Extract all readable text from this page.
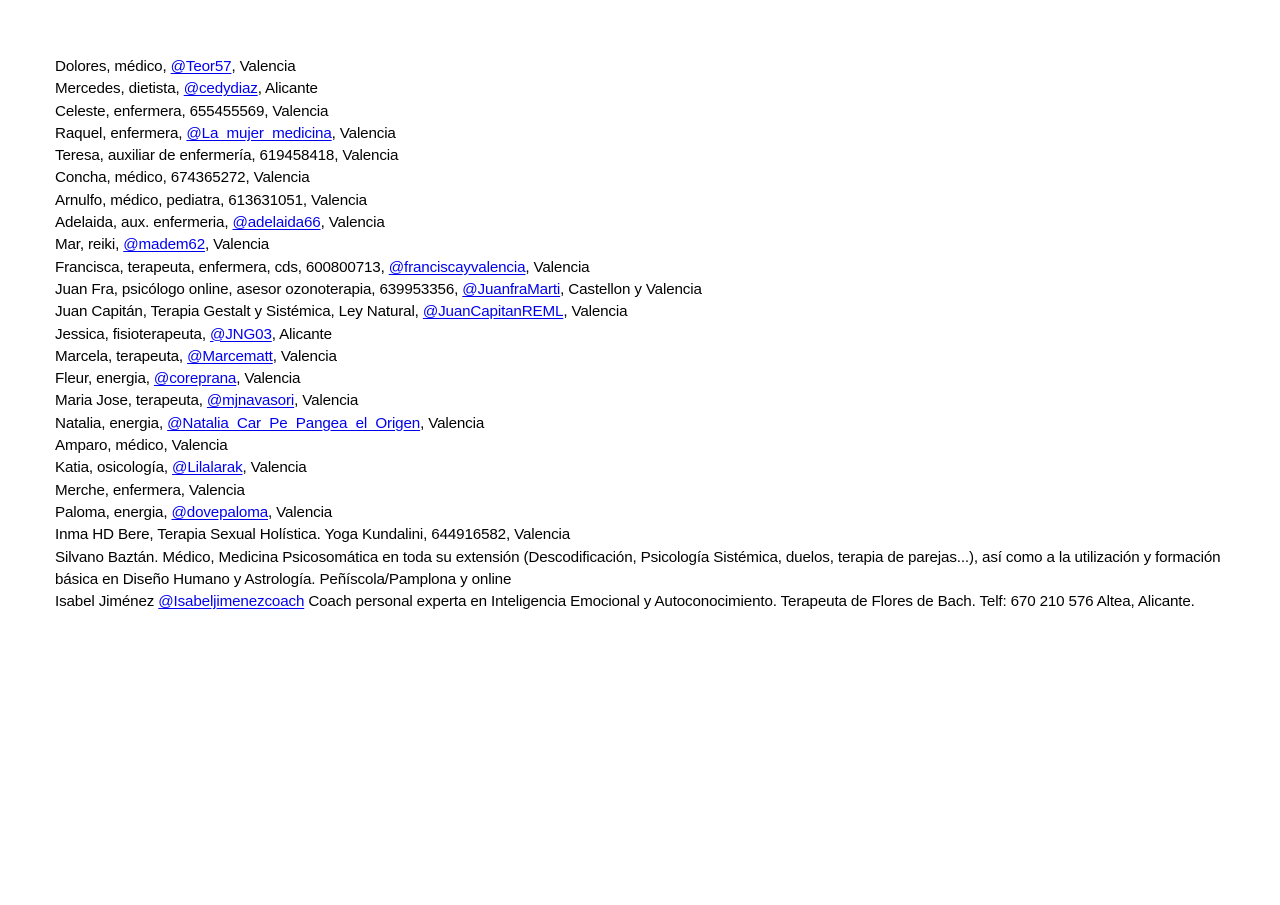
Dolores, médico, @Teor57, Valencia
Mercedes, dietista, @cedydiaz, Alicante
Celeste, enfermera, 655455569, Valencia
Raquel, enfermera, @La_mujer_medicina, Valencia
Teresa, auxiliar de enfermería, 619458418, Valencia
Concha, médico, 674365272, Valencia
Arnulfo, médico, pediatra, 613631051, Valencia
Adelaida, aux. enfermeria, @adelaida66, Valencia
Mar, reiki, @madem62, Valencia
Francisca, terapeuta, enfermera, cds, 600800713, @franciscayvalencia, Valencia
Juan Fra, psicólogo online, asesor ozonoterapia, 639953356, @JuanfraMarti, Castellon y Valencia
Juan Capitán, Terapia Gestalt y Sistémica, Ley Natural, @JuanCapitanREML, Valencia
Jessica, fisioterapeuta, @JNG03, Alicante
Marcela, terapeuta, @Marcematt, Valencia
Fleur, energia, @coreprana, Valencia
Maria Jose, terapeuta, @mjnavasori, Valencia
Natalia, energia, @Natalia_Car_Pe_Pangea_el_Origen, Valencia
Amparo, médico, Valencia
Katia, osicología, @Lilalarak, Valencia
Merche, enfermera, Valencia
Paloma, energia, @dovepaloma, Valencia
Inma HD Bere, Terapia Sexual Holística. Yoga Kundalini, 644916582, Valencia
Silvano Baztán. Médico, Medicina Psicosomática en toda su extensión (Descodificación, Psicología Sistémica, duelos, terapia de parejas...), así como a la utilización y formación básica en Diseño Humano y Astrología. Peñíscola/Pamplona y online
Isabel Jiménez @Isabeljimenezcoach Coach personal experta en Inteligencia Emocional y Autoconocimiento. Terapeuta de Flores de Bach. Telf: 670 210 576 Altea, Alicante.
